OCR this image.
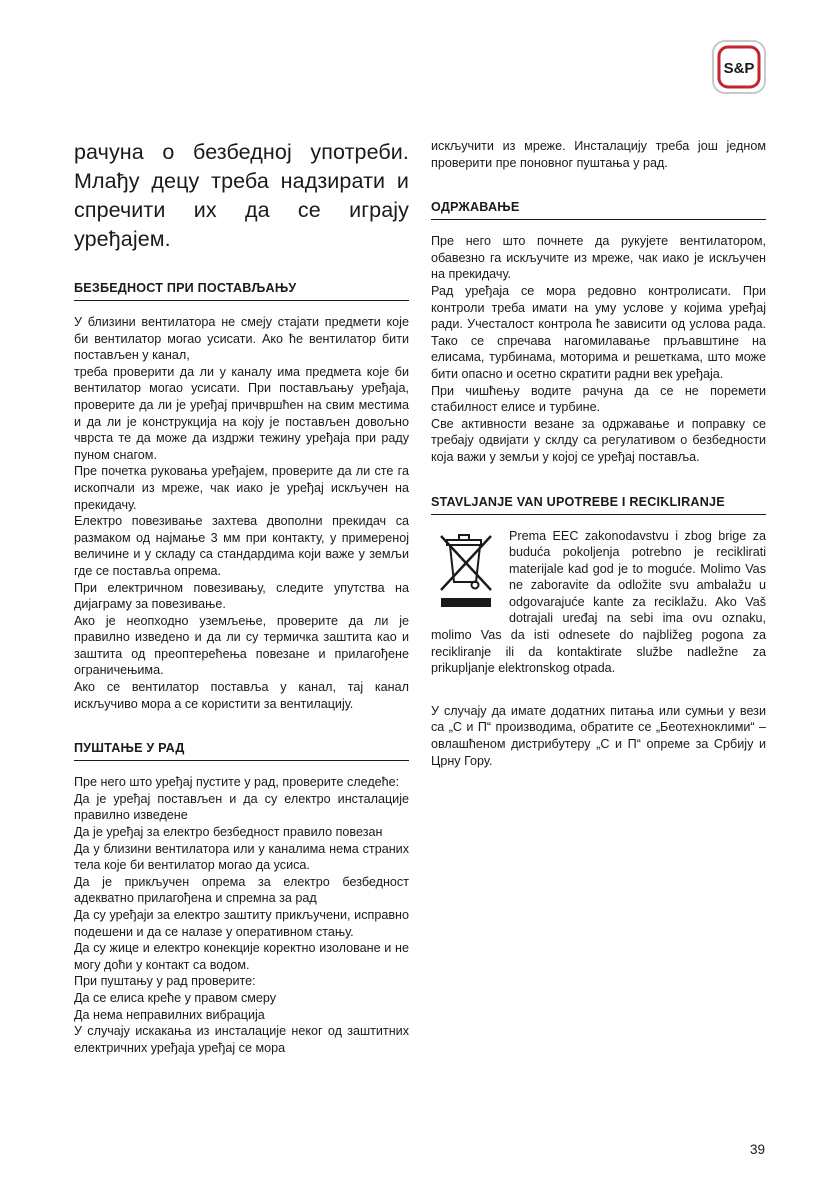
S&P

рачуна о безбедној употреби. Млађу децу треба надзирати и спречити их да се играју уређајем.

БЕЗБЕДНОСТ ПРИ ПОСТАВЉАЊУ

У близини вентилатора не смеју стајати предмети које би вентилатор могао усисати. Ако ће вентилатор бити постављен у канал,

треба проверити да ли у каналу има предмета које би вентилатор могао усисати. При постављању уређаја, проверите да ли је уређај причвршћен на свим местима и да ли је конструкција на коју је постављен довољно чврста те да може да издржи тежину уређаја при раду пуном снагом.

Пре почетка руковања уређајем, проверите да ли сте га ископчали из мреже, чак иако је уређај искључен на прекидачу.

Електро повезивање захтева двополни прекидач са размаком од најмање 3 мм при контакту, у примереној величине и у складу са стандардима који важе у земљи где се поставља опрема.

При електричном повезивању, следите упутства на дијаграму за повезивање.

Ако је неопходно уземљење, проверите да ли је правилно изведено и да ли су термичка заштита као и заштита од преоптерећења повезане и прилагођене ограничењима.

Ако се вентилатор поставља у канал, тај канал искључиво мора а се користити за вентилацију.

ПУШТАЊЕ У РАД

Пре него што уређај пустите у рад, проверите следеће:

Да је уређај постављен и да су електро инсталације правилно изведене

Да је уређај за електро безбедност правило повезан

Да у близини вентилатора или у каналима нема страних тела које би вентилатор могао да усиса.

Да је прикључен опрема за електро безбедност адекватно прилагођена и спремна за рад

Да су уређаји за електро заштиту прикључени, исправно подешени и да се налазе у оперативном стању.

Да су жице и електро конекције коректно изоловане и не могу доћи у контакт са водом.

При пуштању у рад проверите:

Да се елиса креће у правом смеру

Да нема неправилних вибрација

У случају искакања из инсталације неког од заштитних електричних уређаја уређај се мора

искључити из мреже. Инсталацију треба још једном проверити пре поновног пуштања у рад.

ОДРЖАВАЊЕ

Пре него што почнете да рукујете вентилатором, обавезно га искључите из мреже, чак иако је искључен на прекидачу.

Рад уређаја се мора редовно контролисати. При контроли треба имати на уму услове у којима уређај ради. Учесталост контрола ће зависити од услова рада. Тако се спречава нагомилавање прљавштине на елисама, турбинама, моторима и решеткама, што може бити опасно и осетно скратити радни век уређаја.

При чишћењу водите рачуна да се не поремети стабилност елисе и турбине.

Све активности везане за одржавање и поправку се требају одвијати у склду са регулативом о безбедности која важи у земљи у којој се уређај поставља.

STAVLJANJE VAN UPOTREBE I RECIKLIRANJE
Prema EEC zakonodavstvu i zbog brige za buduća pokoljenja potrebno je reciklirati materijale kad god je to moguće. Molimo Vas ne zaboravite da odložite svu ambalažu u odgovarajuće kante za reciklažu. Ako Vaš dotrajali uređaj na sebi ima ovu oznaku, molimo Vas da isti odnesete do najbližeg pogona za recikliranje ili da kontaktirate službe nadležne za prikupljanje elektronskog otpada.

У случају да имате додатних питања или сумњи у вези са „С и П“ производима, обратите се „Беотехноклими“ – овлашћеном дистрибутеру „С и П“ опреме за Србију и Црну Гору.

39
